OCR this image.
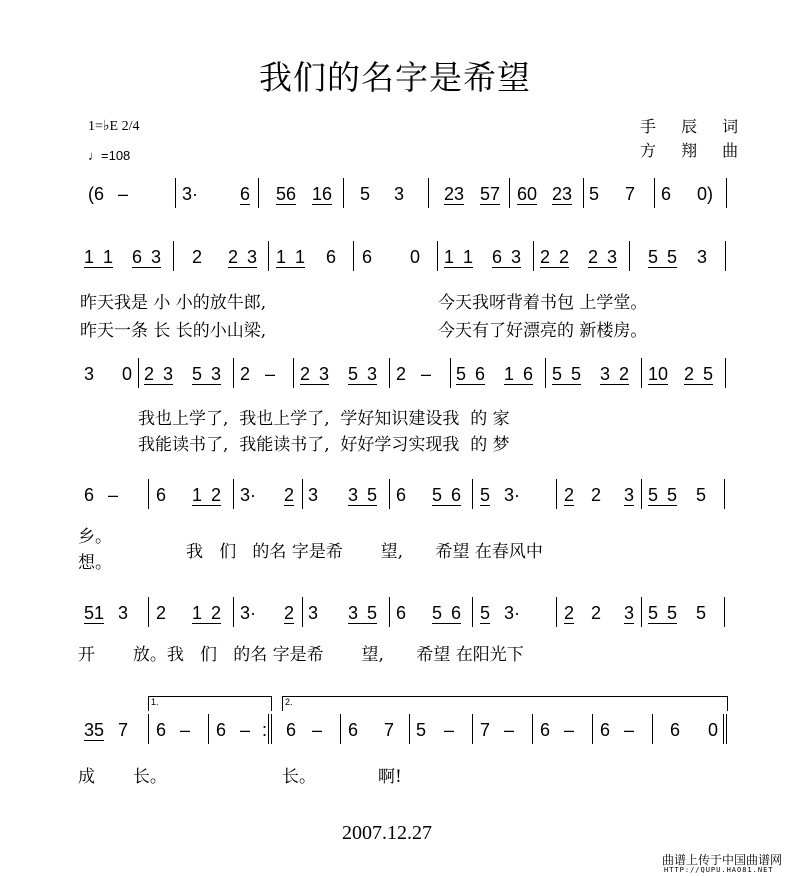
我们的名字是希望
手 辰 词
方 翔 曲
1=♭E 2/4
♩=108
(6 –	3· 6 56 16 5 3 23 57 60 23 5 7 6 0)
1 1 6 3 2 2 3 1 1 6 6 0 1 1 6 3 2 2 2 3 5 5 3
昨天我是 小 小的放牛郎,
昨天一条 长 长的小山梁,
今天我呀背着书包 上学堂。
今天有了好漂亮的 新楼房。
3 0 2 3 5 3 2 – 2 3 5 3 2 – 5 6 1 6 5 5 3 2 10 2 5
我也上学了,  我也上学了,  学好知识建设我  的 家
我能读书了,  我能读书了,  好好学习实现我  的 梦
6 – 6 1 2 3· 2 3 3 5 6 5 6 5 3· 2 2 3 5 5 5
乡。
想。
我   们   的名 字是希       望,      希望 在春风中
51 3 2 1 2 3· 2 3 3 5 6 5 6 5 3· 2 2 3 5 5 5
开       放。我   们   的名 字是希       望,      希望 在阳光下
35 7 6 – 6 – : 6 – 6 7 5 – 7 – 6 – 6 – 6 0
成       长。	长。	啊!
1.	2.
2007.12.27
曲谱上传于中国曲谱网
HTTP://QUPU.HAO81.NET
